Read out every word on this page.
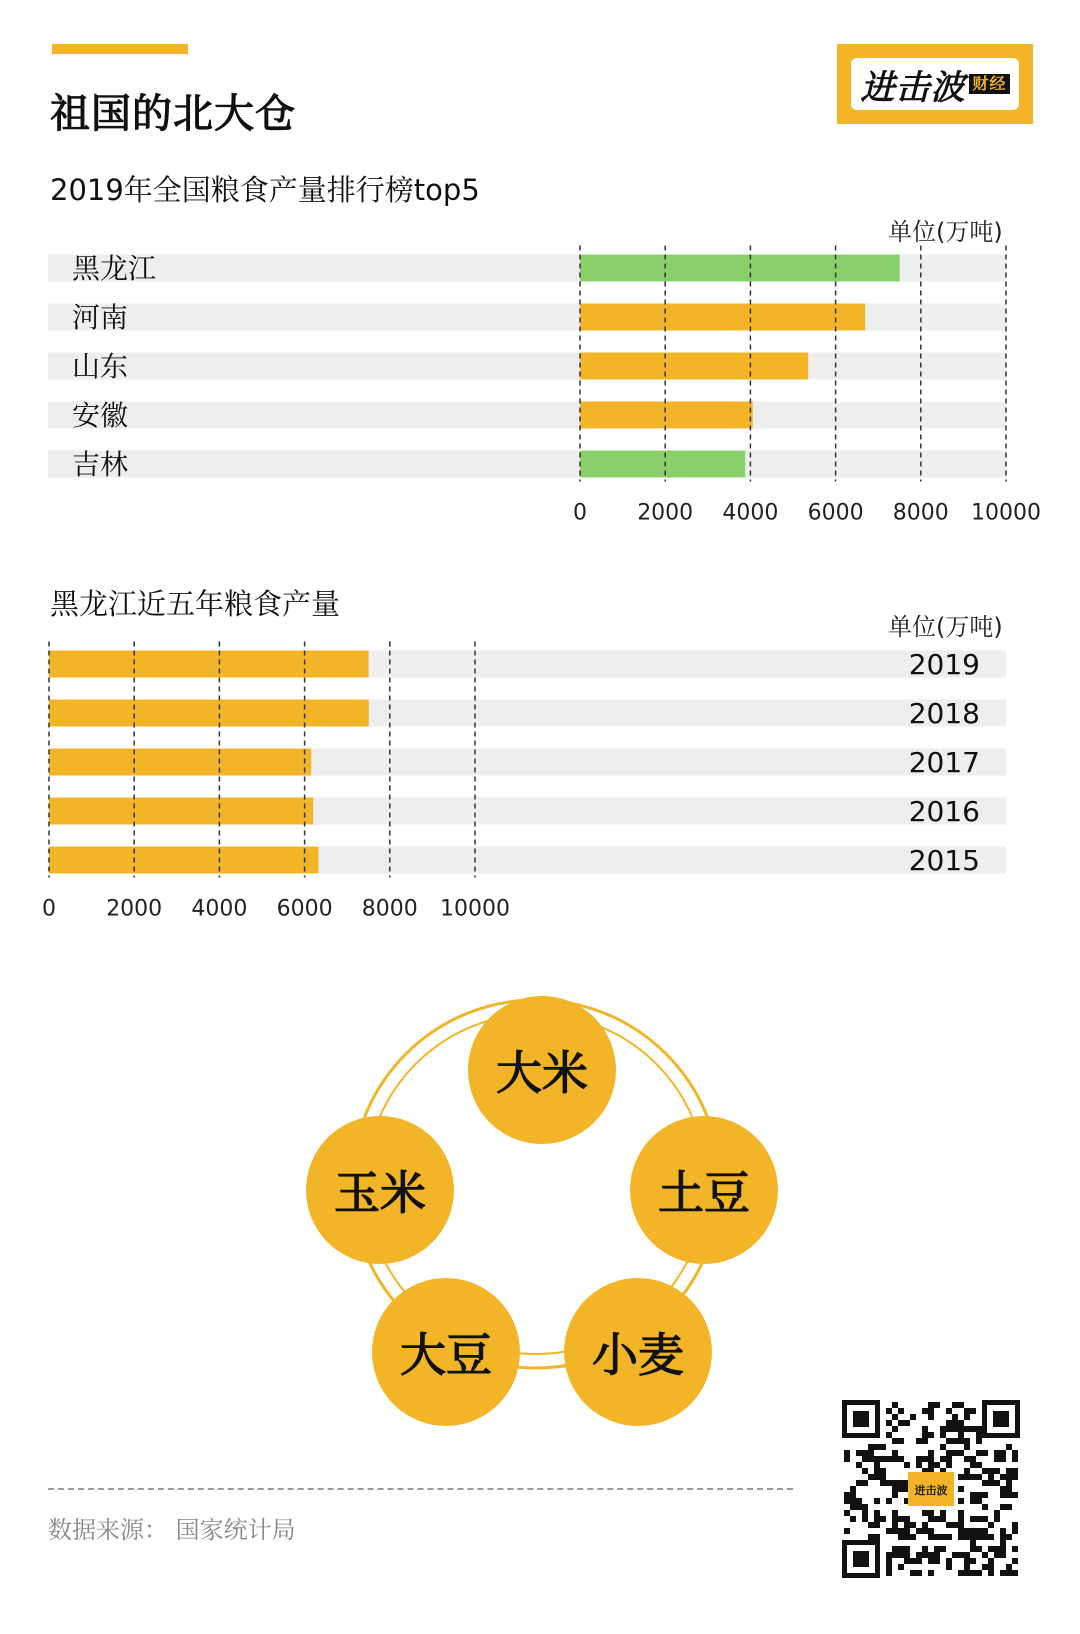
祖国的北大仓
进击波 财经
2019年全国粮食产量排行榜top5
单位(万吨)
黑龙江
河南
山东
安徽
吉林
0 2000 4000 6000 8000 10000
黑龙江近五年粮食产量
单位(万吨)
2019
2018
2017
2016
2015
0 2000 4000 6000 8000 10000
大米
土豆
小麦
大豆
玉米
数据来源： 国家统计局
进击波
